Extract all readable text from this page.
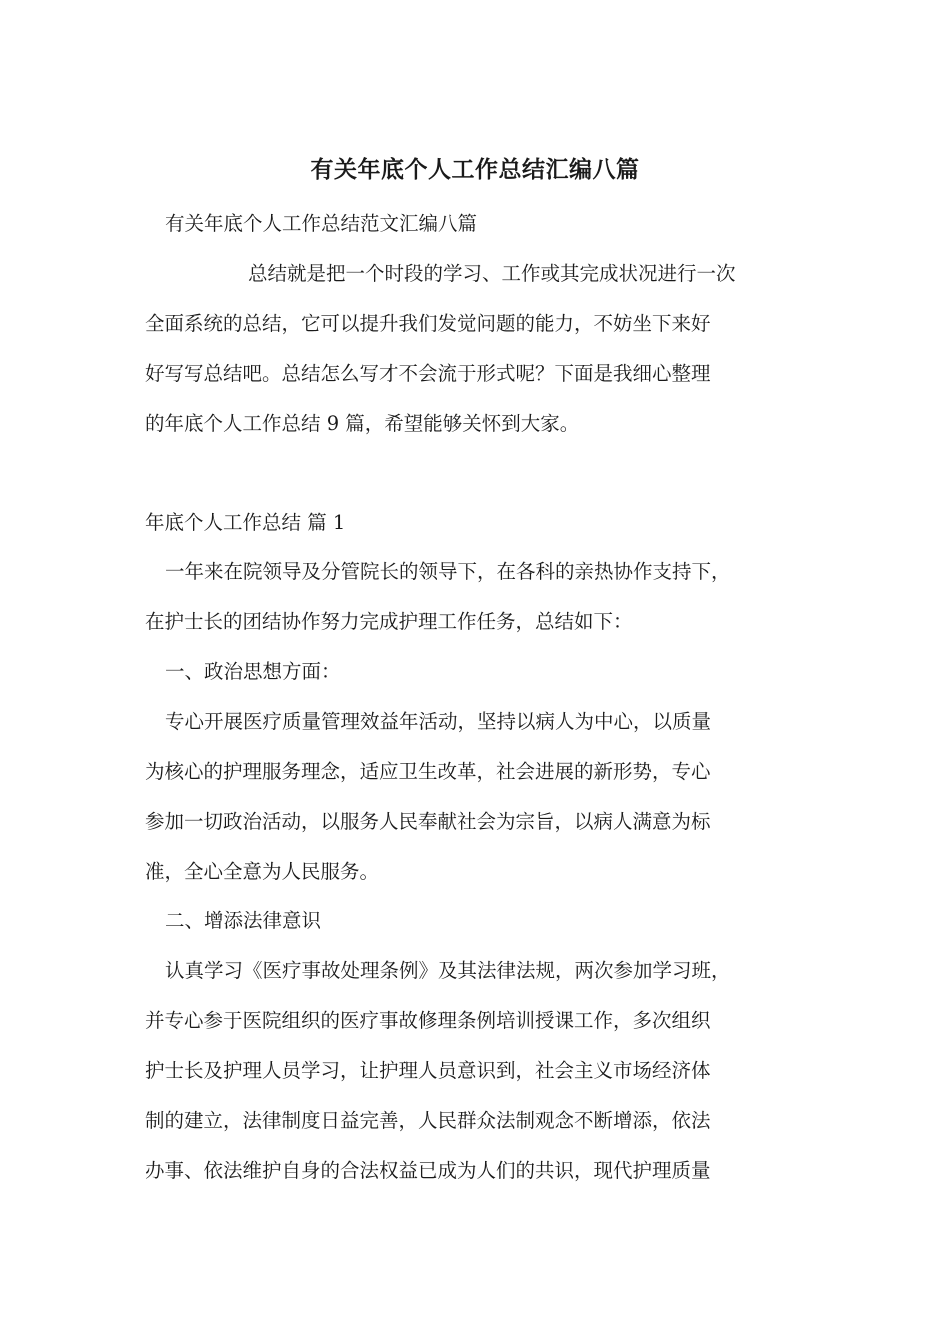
有关年底个人工作总结汇编八篇

有关年底个人工作总结范文汇编八篇

总结就是把一个时段的学习、工作或其完成状况进行一次

全面系统的总结，它可以提升我们发觉问题的能力，不妨坐下来好

好写写总结吧。总结怎么写才不会流于形式呢？下面是我细心整理

的年底个人工作总结 9 篇，希望能够关怀到大家。

年底个人工作总结 篇 1

一年来在院领导及分管院长的领导下，在各科的亲热协作支持下，

在护士长的团结协作努力完成护理工作任务，总结如下：

一、政治思想方面：

专心开展医疗质量管理效益年活动，坚持以病人为中心，以质量

为核心的护理服务理念，适应卫生改革，社会进展的新形势，专心

参加一切政治活动，以服务人民奉献社会为宗旨，以病人满意为标

准，全心全意为人民服务。

二、增添法律意识

认真学习《医疗事故处理条例》及其法律法规，两次参加学习班，

并专心参于医院组织的医疗事故修理条例培训授课工作，多次组织

护士长及护理人员学习，让护理人员意识到，社会主义市场经济体

制的建立，法律制度日益完善，人民群众法制观念不断增添，依法

办事、依法维护自身的合法权益已成为人们的共识，现代护理质量
